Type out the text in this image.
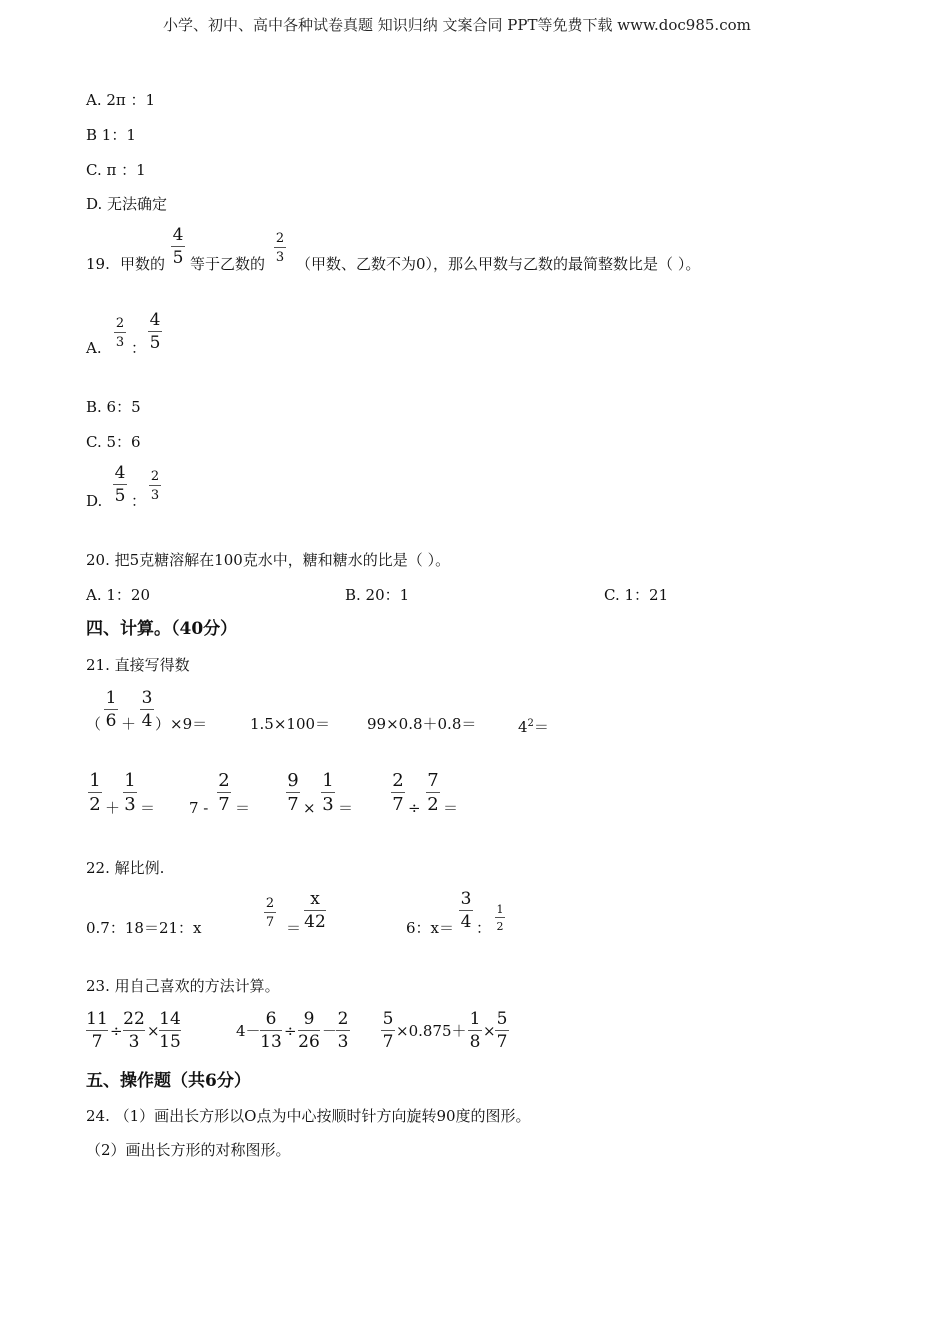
小学、初中、高中各种试卷真题 知识归纳 文案合同 PPT等免费下载 www.doc985.com
A. 2π ：1
B 1：1
C. π ：1
D. 无法确定
19. 甲数的
4
5 等于乙数的
2
3 （甲数、乙数不为0），那么甲数与乙数的最简整数比是（ ）。
A.
2
3 ：
4
5
B. 6：5
C. 5：6
D.
4
5 ：
2
3
20. 把5克糖溶解在100克水中，糖和糖水的比是（ ）。
A. 1：20	B. 20：1	C. 1：21
四、计算。（40分）
21. 直接写得数
（
1
6 ＋
3
4 ）×9＝	1.5×100＝ 99×0.8＋0.8＝	$4^2=$
1
2 ＋
1
3 ＝ 7 -
2
7 ＝
9
7 ×
1
3 ＝
2
7 ÷
7
2 ＝
22. 解比例.
0.7：18＝21：x
2
7 ＝
x
42	6：x＝
3
4 ：
1
2
23. 用自己喜欢的方法计算。
11
7
÷
22
3
×
14
15
4－
6
13
÷
9
26
－
2
3
5
7
×0.875＋
1
8
×
5
7
五、操作题（共6分）
24. （1）画出长方形以O点为中心按顺时针方向旋转90度的图形。
（2）画出长方形的对称图形。
